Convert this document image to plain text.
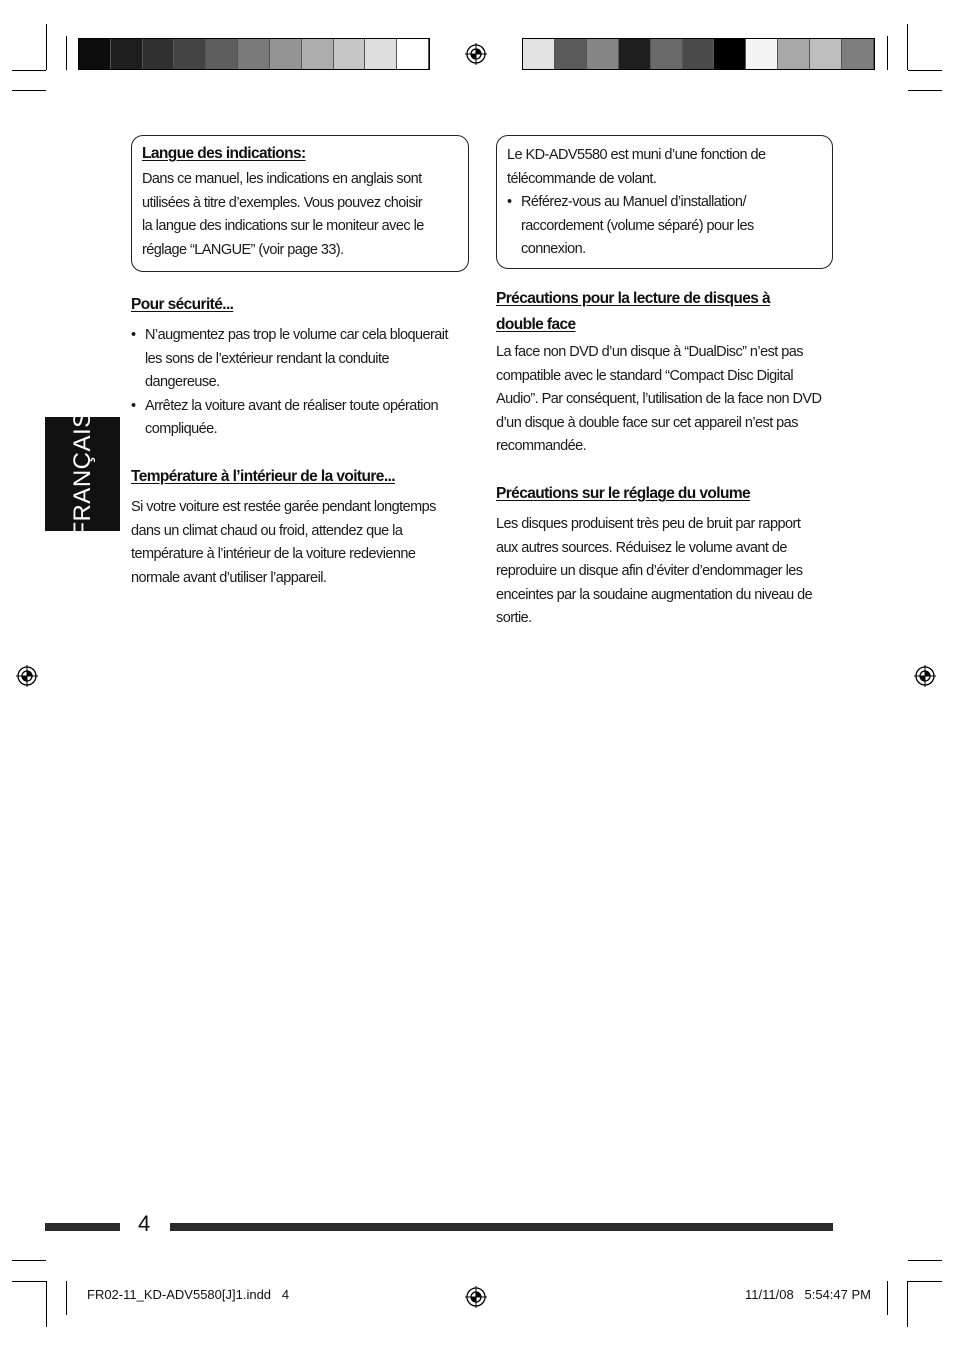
FRANÇAIS
Langue des indications:
Dans ce manuel, les indications en anglais sont
utilisées à titre d’exemples. Vous pouvez choisir
la langue des indications sur le moniteur avec le
réglage “LANGUE” (voir page 33).
Pour sécurité...
• N’augmentez pas trop le volume car cela bloquerait
les sons de l’extérieur rendant la conduite
dangereuse.
• Arrêtez la voiture avant de réaliser toute opération
compliquée.
Température à l’intérieur de la voiture...
Si votre voiture est restée garée pendant longtemps
dans un climat chaud ou froid, attendez que la
température à l’intérieur de la voiture redevienne
normale avant d’utiliser l’appareil.
Le KD-ADV5580 est muni d’une fonction de
télécommande de volant.
• Référez-vous au Manuel d’installation/
raccordement (volume séparé) pour les
connexion.
Précautions pour la lecture de disques à
double face
La face non DVD d’un disque à “DualDisc” n’est pas
compatible avec le standard “Compact Disc Digital
Audio”. Par conséquent, l’utilisation de la face non DVD
d’un disque à double face sur cet appareil n’est pas
recommandée.
Précautions sur le réglage du volume
Les disques produisent très peu de bruit par rapport
aux autres sources. Réduisez le volume avant de
reproduire un disque afin d’éviter d’endommager les
enceintes par la soudaine augmentation du niveau de
sortie.
4
FR02-11_KD-ADV5580[J]1.indd   4	11/11/08   5:54:47 PM
